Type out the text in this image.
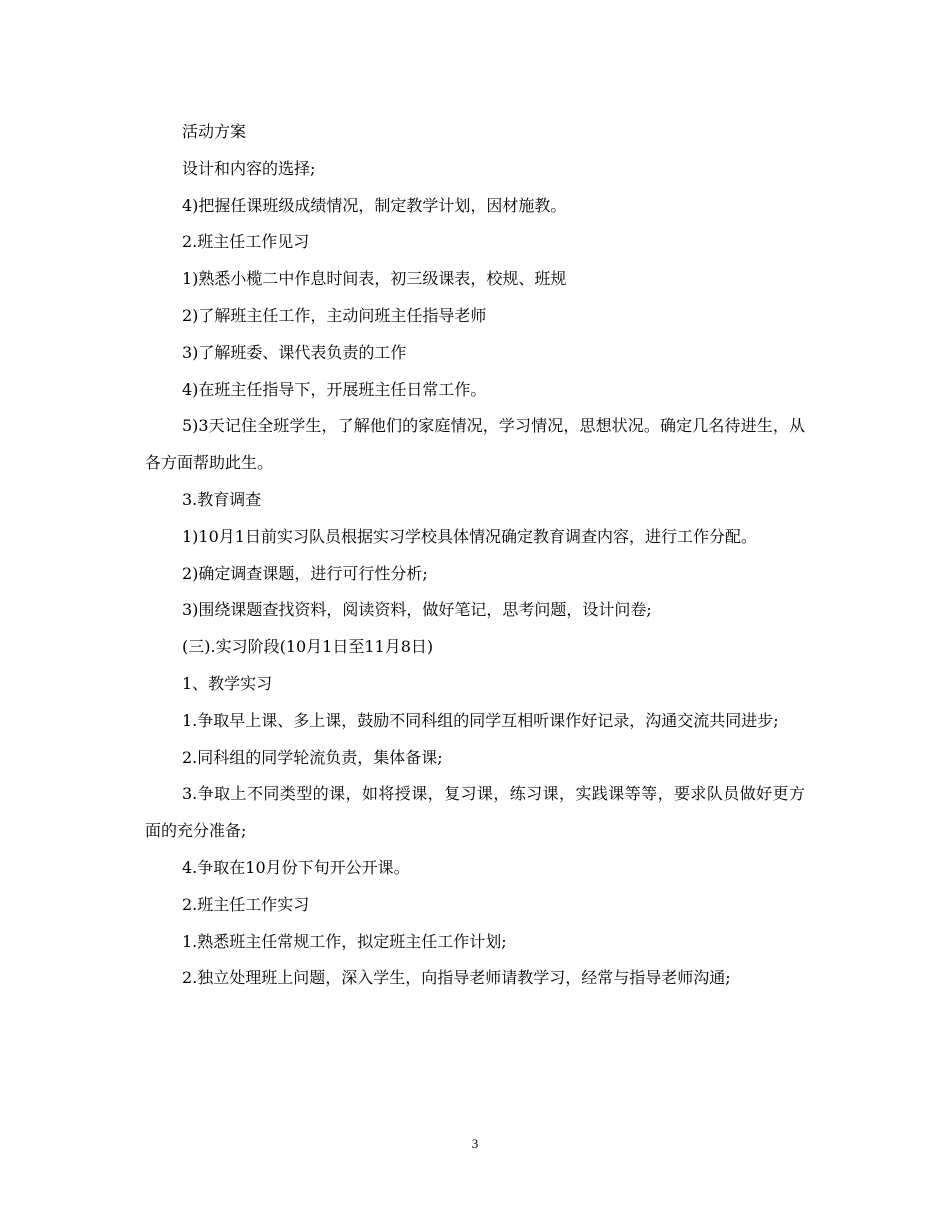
活动方案

设计和内容的选择;

4)把握任课班级成绩情况，制定教学计划，因材施教。

2.班主任工作见习

1)熟悉小榄二中作息时间表，初三级课表，校规、班规

2)了解班主任工作，主动问班主任指导老师

3)了解班委、课代表负责的工作

4)在班主任指导下，开展班主任日常工作。

5)3天记住全班学生，了解他们的家庭情况，学习情况，思想状况。确定几名待进生，从各方面帮助此生。

3.教育调查

1)10月1日前实习队员根据实习学校具体情况确定教育调查内容，进行工作分配。

2)确定调查课题，进行可行性分析;

3)围绕课题查找资料，阅读资料，做好笔记，思考问题，设计问卷;

(三).实习阶段(10月1日至11月8日)

1、教学实习

1.争取早上课、多上课，鼓励不同科组的同学互相听课作好记录，沟通交流共同进步;

2.同科组的同学轮流负责，集体备课;

3.争取上不同类型的课，如将授课，复习课，练习课，实践课等等，要求队员做好更方面的充分准备;

4.争取在10月份下旬开公开课。

2.班主任工作实习

1.熟悉班主任常规工作，拟定班主任工作计划;

2.独立处理班上问题，深入学生，向指导老师请教学习，经常与指导老师沟通;

3
